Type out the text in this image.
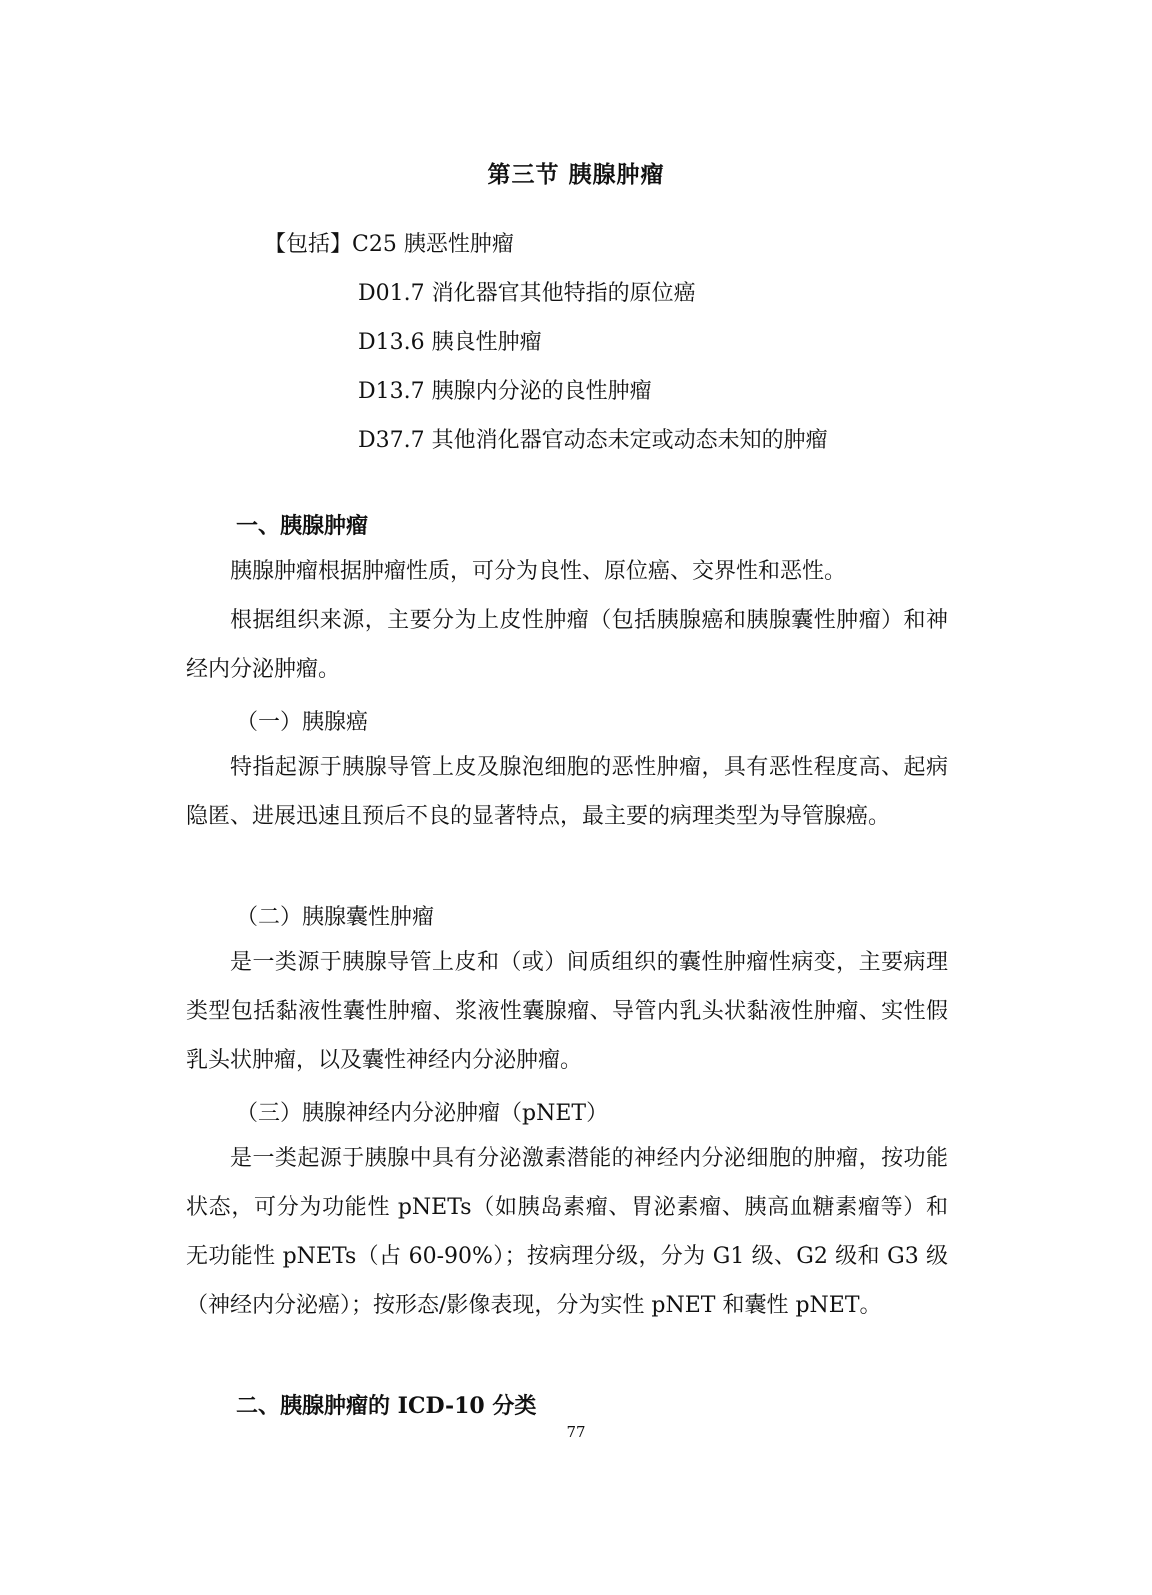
第三节 胰腺肿瘤
【包括】C25 胰恶性肿瘤
D01.7 消化器官其他特指的原位癌
D13.6 胰良性肿瘤
D13.7 胰腺内分泌的良性肿瘤
D37.7 其他消化器官动态未定或动态未知的肿瘤
一、胰腺肿瘤
胰腺肿瘤根据肿瘤性质，可分为良性、原位癌、交界性和恶性。
根据组织来源，主要分为上皮性肿瘤（包括胰腺癌和胰腺囊性肿瘤）和神经内分泌肿瘤。
（一）胰腺癌
特指起源于胰腺导管上皮及腺泡细胞的恶性肿瘤，具有恶性程度高、起病隐匿、进展迅速且预后不良的显著特点，最主要的病理类型为导管腺癌。
（二）胰腺囊性肿瘤
是一类源于胰腺导管上皮和（或）间质组织的囊性肿瘤性病变，主要病理类型包括黏液性囊性肿瘤、浆液性囊腺瘤、导管内乳头状黏液性肿瘤、实性假乳头状肿瘤，以及囊性神经内分泌肿瘤。
（三）胰腺神经内分泌肿瘤（pNET）
是一类起源于胰腺中具有分泌激素潜能的神经内分泌细胞的肿瘤，按功能状态，可分为功能性 pNETs（如胰岛素瘤、胃泌素瘤、胰高血糖素瘤等）和无功能性 pNETs（占 60-90%）；按病理分级，分为 G1 级、G2 级和 G3 级（神经内分泌癌）；按形态/影像表现，分为实性 pNET 和囊性 pNET。
二、胰腺肿瘤的 ICD-10 分类
77
